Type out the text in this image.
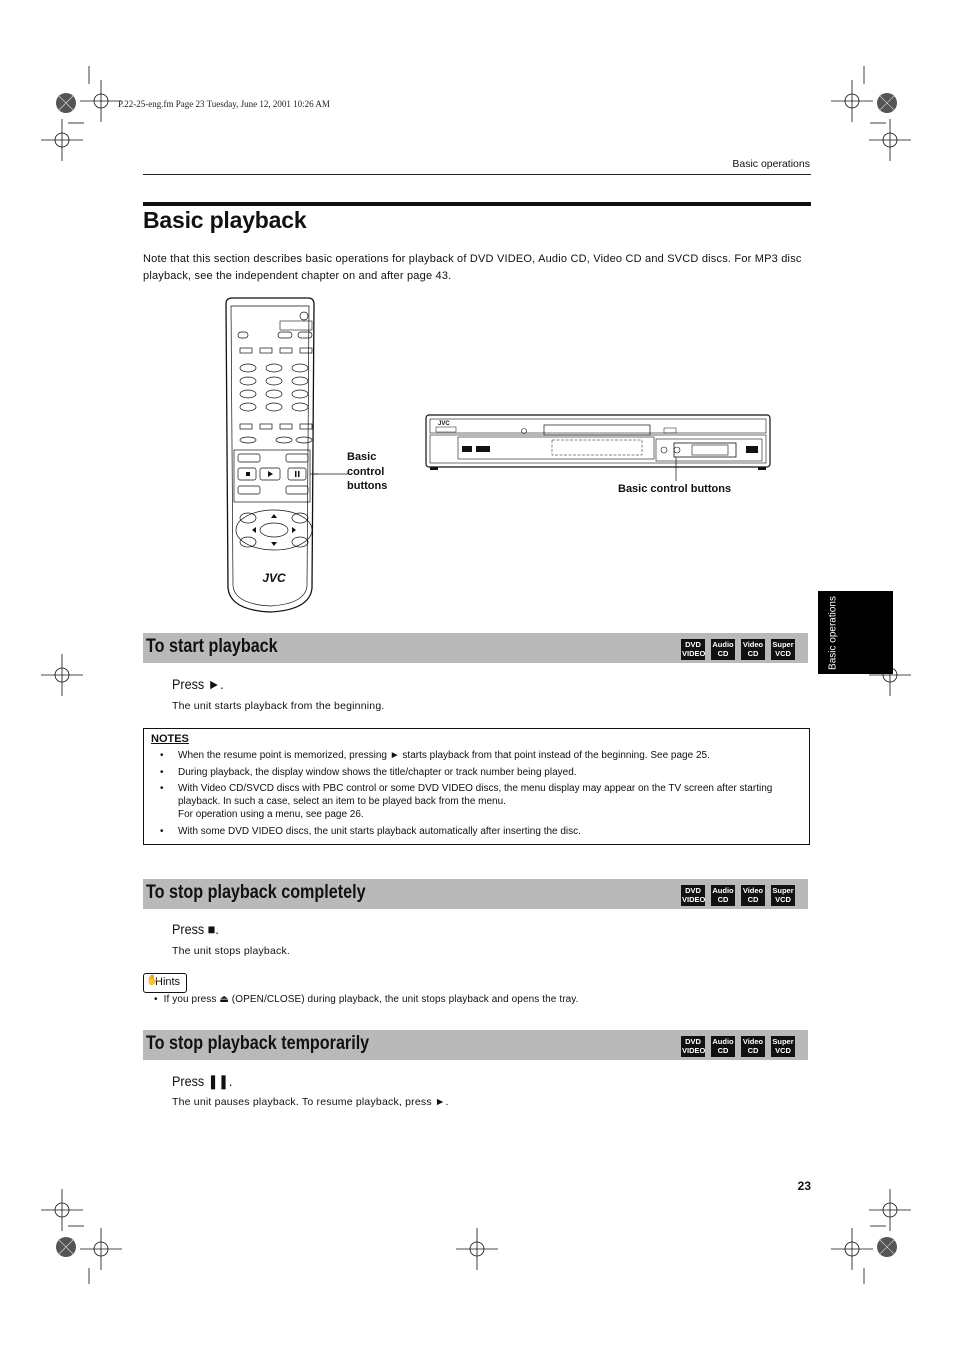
P.22-25-eng.fm Page 23 Tuesday, June 12, 2001 10:26 AM
Basic operations
Basic playback
Note that this section describes basic operations for playback of DVD VIDEO, Audio CD, Video CD and SVCD discs. For MP3 disc playback, see the independent chapter on and after page 43.
JVC
Basic
control
buttons
JVC
Basic control buttons
Basic operations
To start playback	DVD
VIDEO
Audio
CD
Video
CD
Super
VCD
Press ►.
The unit starts playback from the beginning.
NOTES
• When the resume point is memorized, pressing ► starts playback from that point instead of the beginning. See page 25.
• During playback, the display window shows the title/chapter or track number being played.
• With Video CD/SVCD discs with PBC control or some DVD VIDEO discs, the menu display may appear on the TV screen after starting playback. In such a case, select an item to be played back from the menu.
For operation using a menu, see page 26.
• With some DVD VIDEO discs, the unit starts playback automatically after inserting the disc.
To stop playback completely	DVD
VIDEO
Audio
CD
Video
CD
Super
VCD
Press ■.
The unit stops playback.
✋
Hints
• If you press ⏏ (OPEN/CLOSE) during playback, the unit stops playback and opens the tray.
To stop playback temporarily	DVD
VIDEO
Audio
CD
Video
CD
Super
VCD
Press ❚❚.
The unit pauses playback. To resume playback, press ►.
23
